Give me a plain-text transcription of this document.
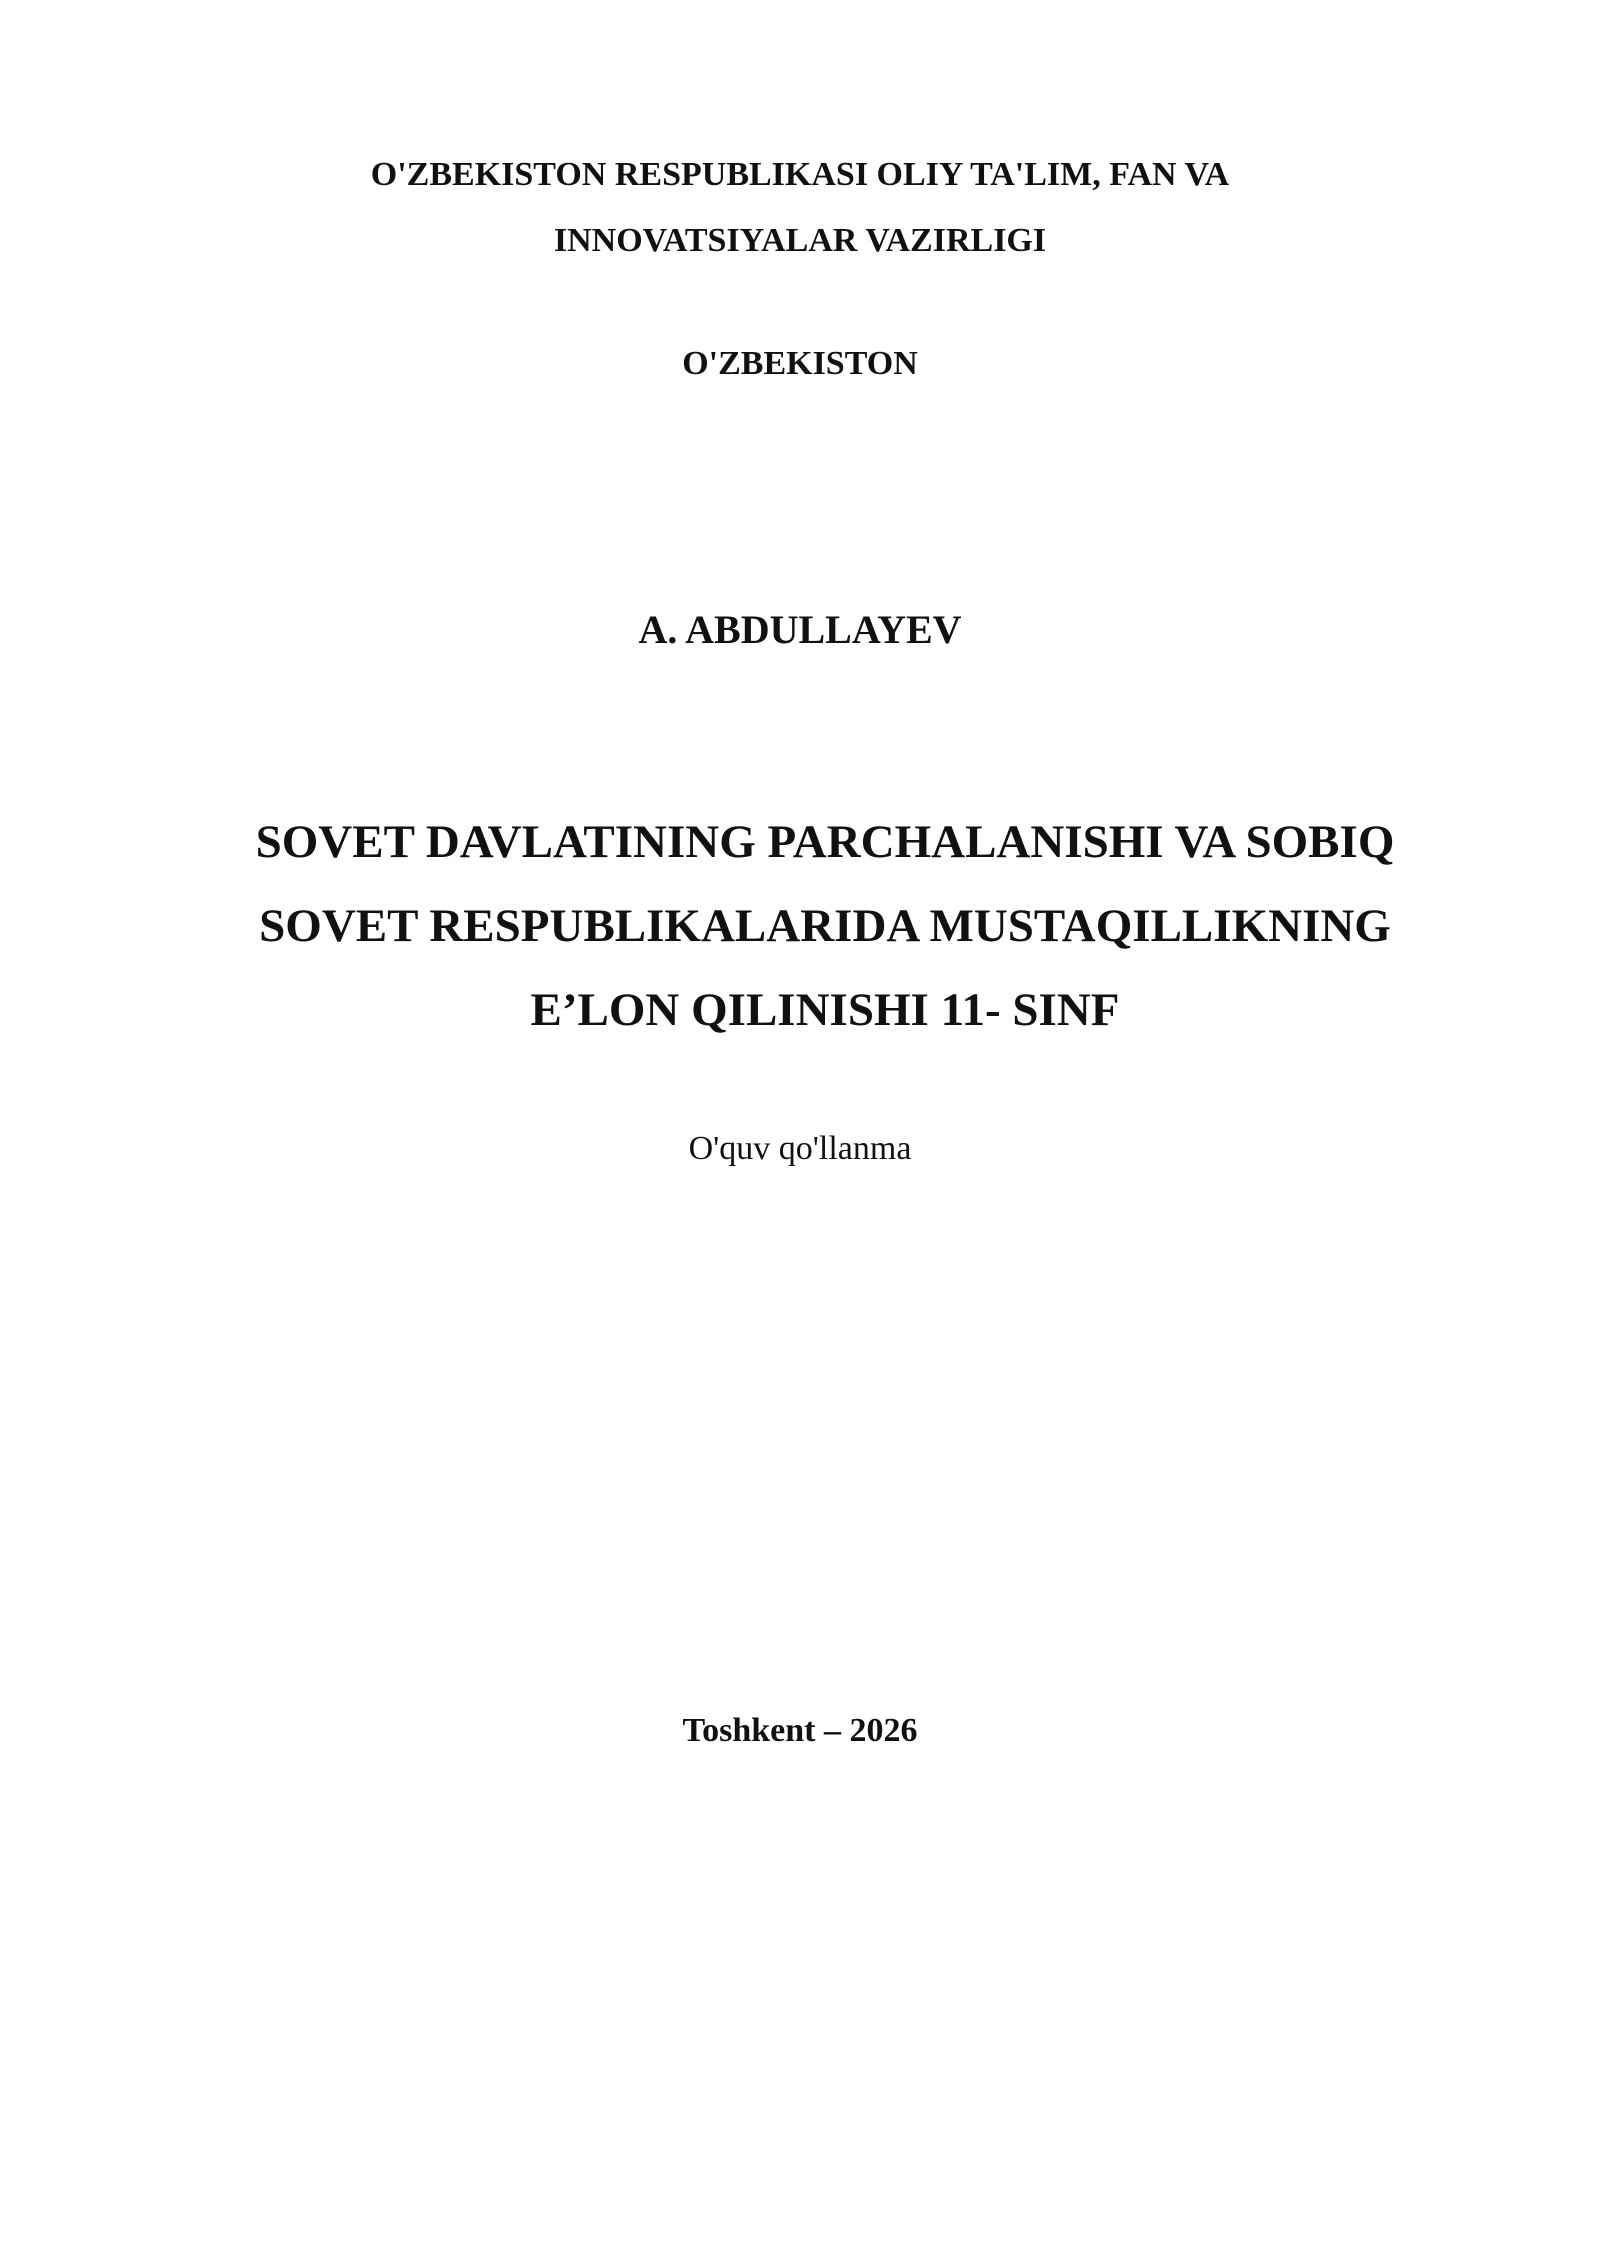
O'ZBEKISTON RESPUBLIKASI OLIY TA'LIM, FAN VA
INNOVATSIYALAR VAZIRLIGI
O'ZBEKISTON
A. ABDULLAYEV
SOVET DAVLATINING PARCHALANISHI VA SOBIQ
SOVET RESPUBLIKALARIDA MUSTAQILLIKNING
E’LON QILINISHI 11- SINF
O'quv qo'llanma
Toshkent – 2026
